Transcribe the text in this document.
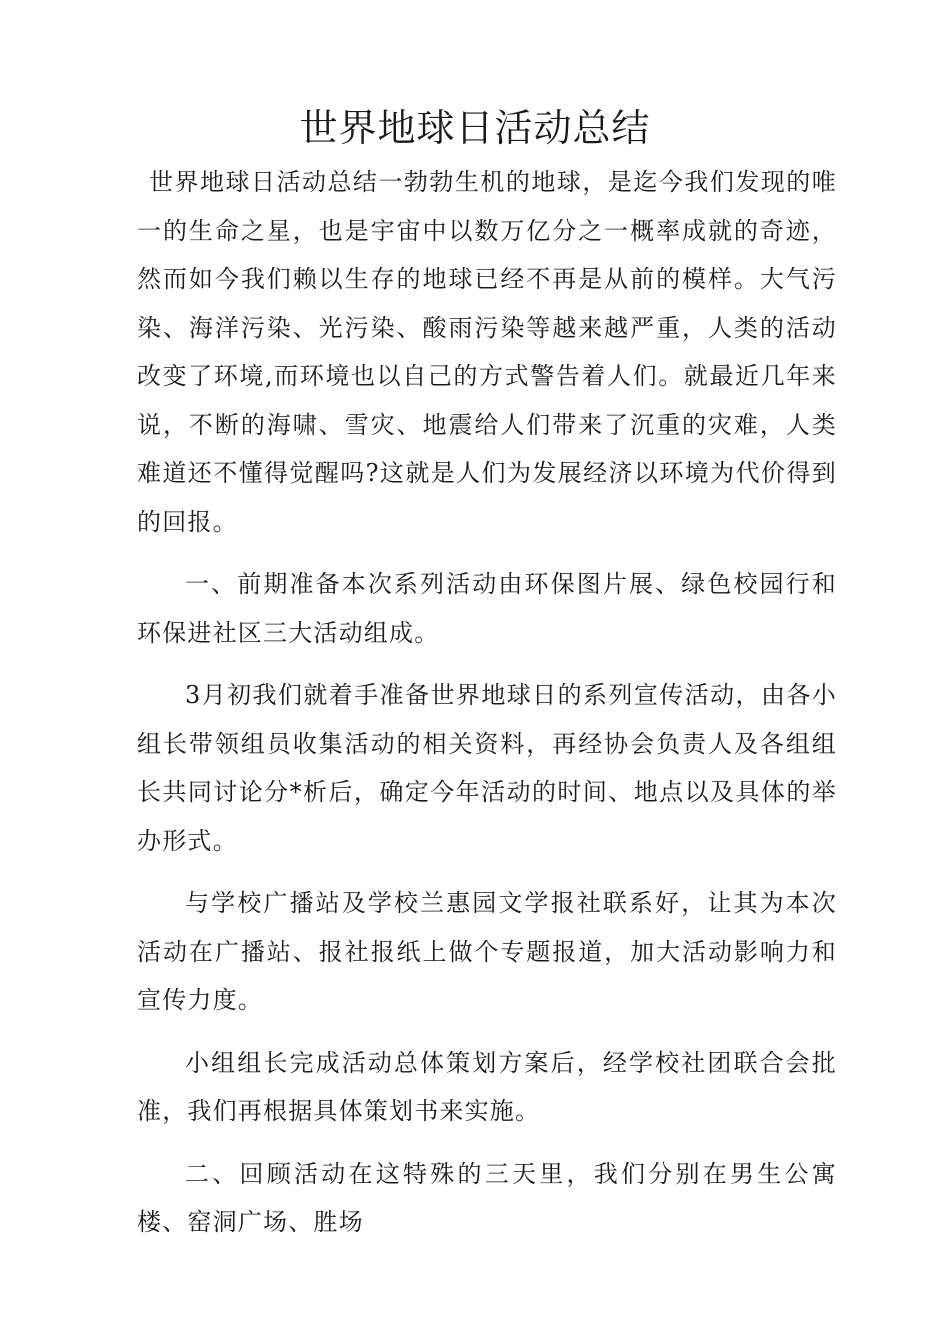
世界地球日活动总结

世界地球日活动总结一勃勃生机的地球，是迄今我们发现的唯一的生命之星，也是宇宙中以数万亿分之一概率成就的奇迹，然而如今我们赖以生存的地球已经不再是从前的模样。大气污染、海洋污染、光污染、酸雨污染等越来越严重，人类的活动改变了环境,而环境也以自己的方式警告着人们。就最近几年来说，不断的海啸、雪灾、地震给人们带来了沉重的灾难，人类难道还不懂得觉醒吗?这就是人们为发展经济以环境为代价得到的回报。

一、前期准备本次系列活动由环保图片展、绿色校园行和环保进社区三大活动组成。

3月初我们就着手准备世界地球日的系列宣传活动，由各小组长带领组员收集活动的相关资料，再经协会负责人及各组组长共同讨论分*析后，确定今年活动的时间、地点以及具体的举办形式。

与学校广播站及学校兰惠园文学报社联系好，让其为本次活动在广播站、报社报纸上做个专题报道，加大活动影响力和宣传力度。

小组组长完成活动总体策划方案后，经学校社团联合会批准，我们再根据具体策划书来实施。

二、回顾活动在这特殊的三天里，我们分别在男生公寓楼、窑洞广场、胜场
